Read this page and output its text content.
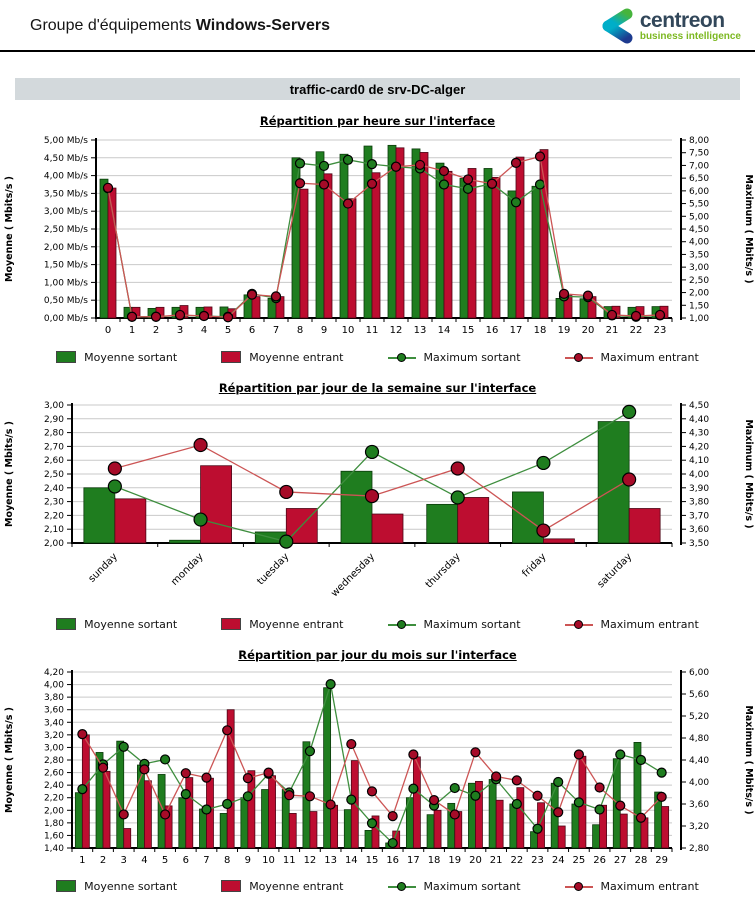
Groupe d'équipements Windows-Servers	centreon
business intelligence
traffic-card0 de srv-DC-alger
Répartition par heure sur l'interface
0,00 Mb/s
0,50 Mb/s
1,00 Mb/s
1,50 Mb/s
2,00 Mb/s
2,50 Mb/s
3,00 Mb/s
3,50 Mb/s
4,00 Mb/s
4,50 Mb/s
5,00 Mb/s
1,00
1,50
2,00
2,50
3,00
3,50
4,00
4,50
5,00
5,50
6,00
6,50
7,00
7,50
8,00
0 1 2 3 4 5 6 7 8 9 10 11 12 13 14 15 16 17 18 19 20 21 22 23
Moyenne ( Mbits/s )	Maximum ( Mbits/s )
Moyenne sortant	Moyenne entrant	Maximum sortant	Maximum entrant
Répartition par jour de la semaine sur l'interface
2,00
2,10
2,20
2,30
2,40
2,50
2,60
2,70
2,80
2,90
3,00
3,50
3,60
3,70
3,80
3,90
4,00
4,10
4,20
4,30
4,40
4,50
sunday	monday	tuesday	wednesday	thursday	friday	saturday
Moyenne ( Mbits/s )	Maximum ( Mbits/s )
Moyenne sortant	Moyenne entrant	Maximum sortant	Maximum entrant
Répartition par jour du mois sur l'interface
1,40
1,60
1,80
2,00
2,20
2,40
2,60
2,80
3,00
3,20
3,40
3,60
3,80
4,00
4,20
2,80
3,20
3,60
4,00
4,40
4,80
5,20
5,60
6,00
1 2 3 4 5 6 7 8 9 10 11 12 13 14 15 16 17 18 19 20 21 22 23 24 25 26 27 28 29
Moyenne ( Mbits/s )	Maximum ( Mbits/s )
Moyenne sortant	Moyenne entrant	Maximum sortant	Maximum entrant
